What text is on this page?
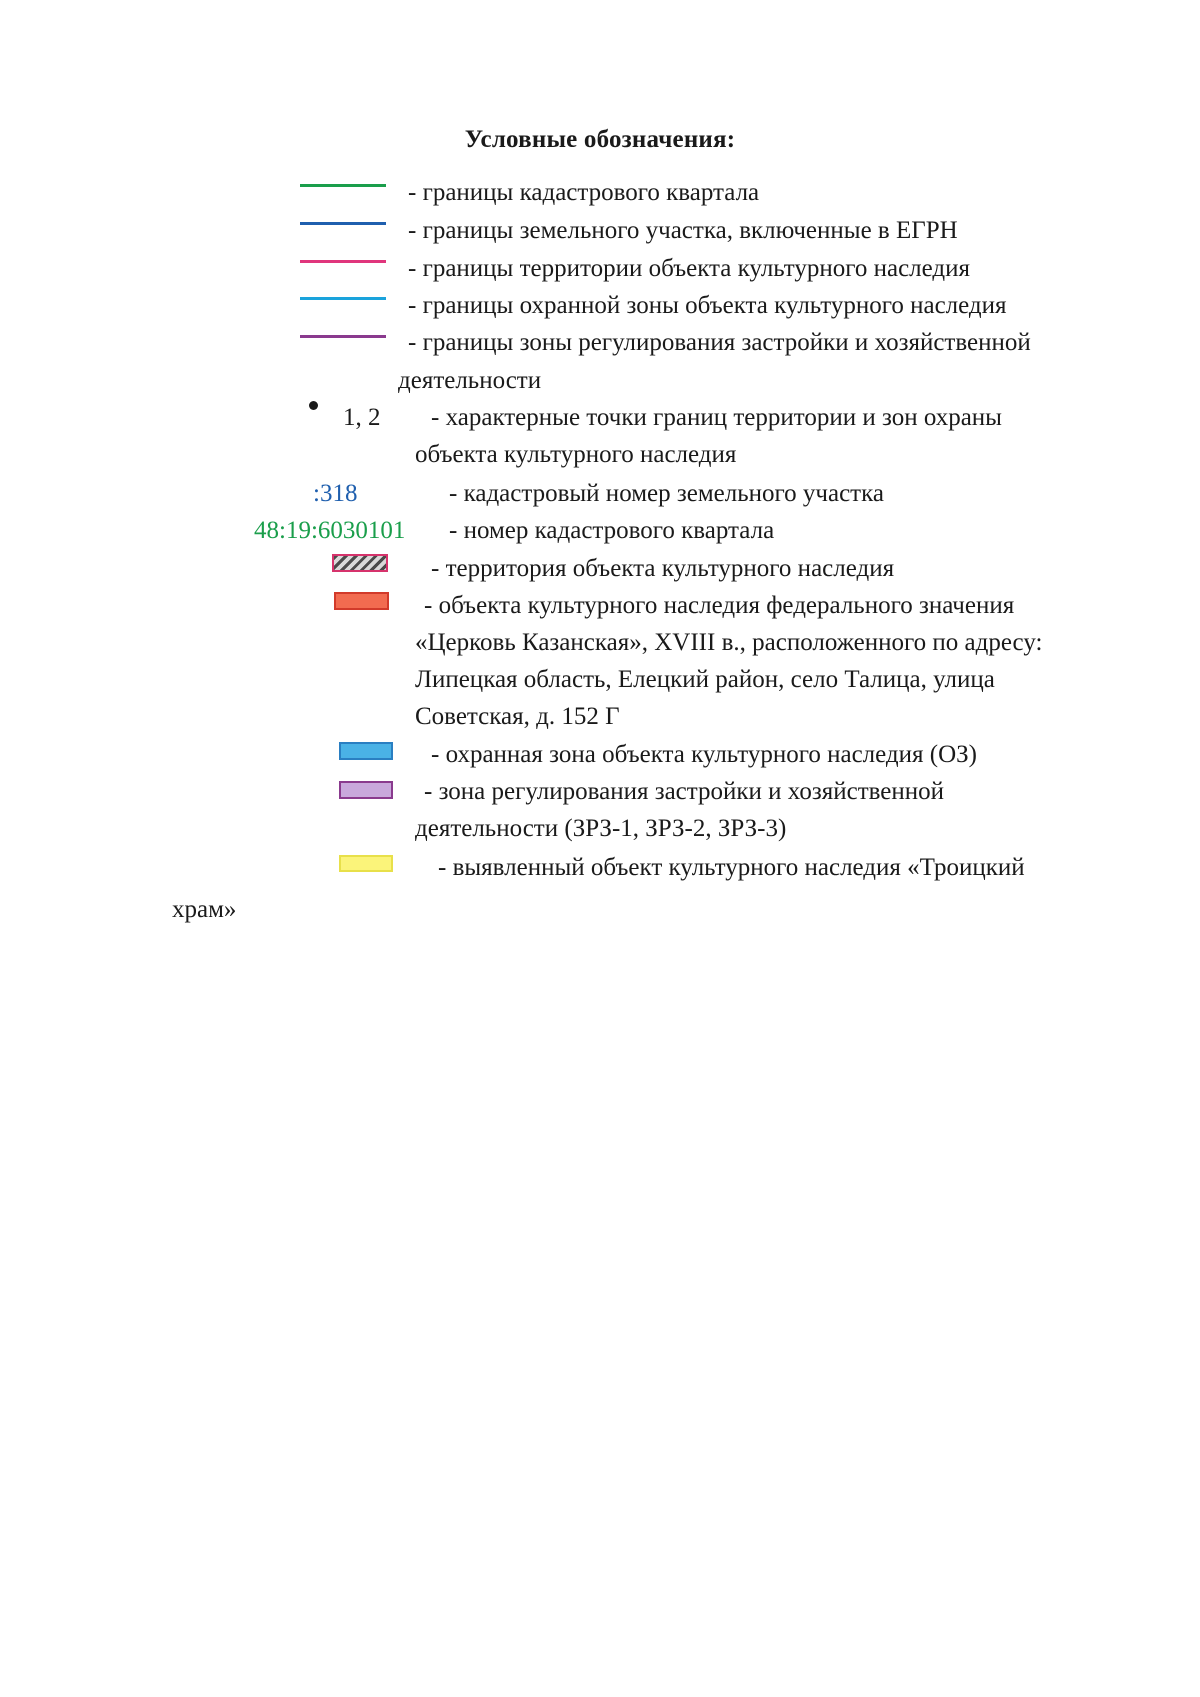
Условные обозначения:
- границы кадастрового квартала
- границы земельного участка, включенные в ЕГРН
- границы территории объекта культурного наследия
- границы охранной зоны объекта культурного наследия
- границы зоны регулирования застройки и хозяйственной
деятельности
1, 2 - характерные точки границ территории и зон охраны
объекта культурного наследия
:318	- кадастровый номер земельного участка
48:19:6030101 - номер кадастрового квартала
- территория объекта культурного наследия
- объекта культурного наследия федерального значения
«Церковь Казанская», XVIII в., расположенного по адресу:
Липецкая область, Елецкий район, село Талица, улица
Советская, д. 152 Г
- охранная зона объекта культурного наследия (ОЗ)
- зона регулирования застройки и хозяйственной
деятельности (ЗРЗ-1, ЗРЗ-2, ЗРЗ-3)
- выявленный объект культурного наследия «Троицкий
храм»
